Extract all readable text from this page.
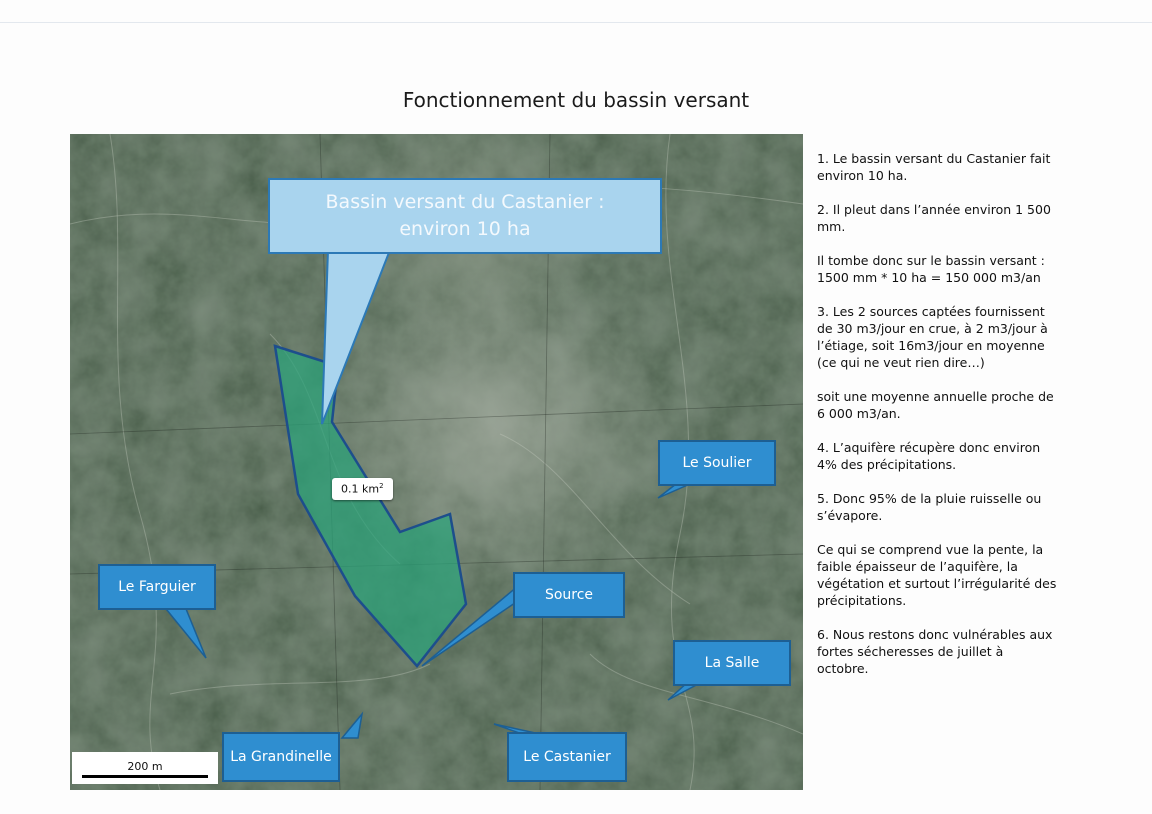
Fonctionnement du bassin versant
Bassin versant du Castanier :
environ 10 ha
Le Soulier
Le Farguier	Source
La Salle
La Grandinelle	Le Castanier
0.1 $km^2$
200 m

1. Le bassin versant du Castanier fait environ 10 ha.

2. Il pleut dans l’année environ 1 500 mm.

Il tombe donc sur le bassin versant :
1500 mm * 10 ha = 150 000 m3/an

3. Les 2 sources captées fournissent de 30 m3/jour en crue, à 2 m3/jour à l’étiage, soit 16m3/jour en moyenne (ce qui ne veut rien dire…)

soit une moyenne annuelle proche de 6 000 m3/an.

4. L’aquifère récupère donc environ 4% des précipitations.

5. Donc 95% de la pluie ruisselle ou s’évapore.

Ce qui se comprend vue la pente, la faible épaisseur de l’aquifère, la végétation et surtout l’irrégularité des précipitations.

6. Nous restons donc vulnérables aux fortes sécheresses de juillet à octobre.
